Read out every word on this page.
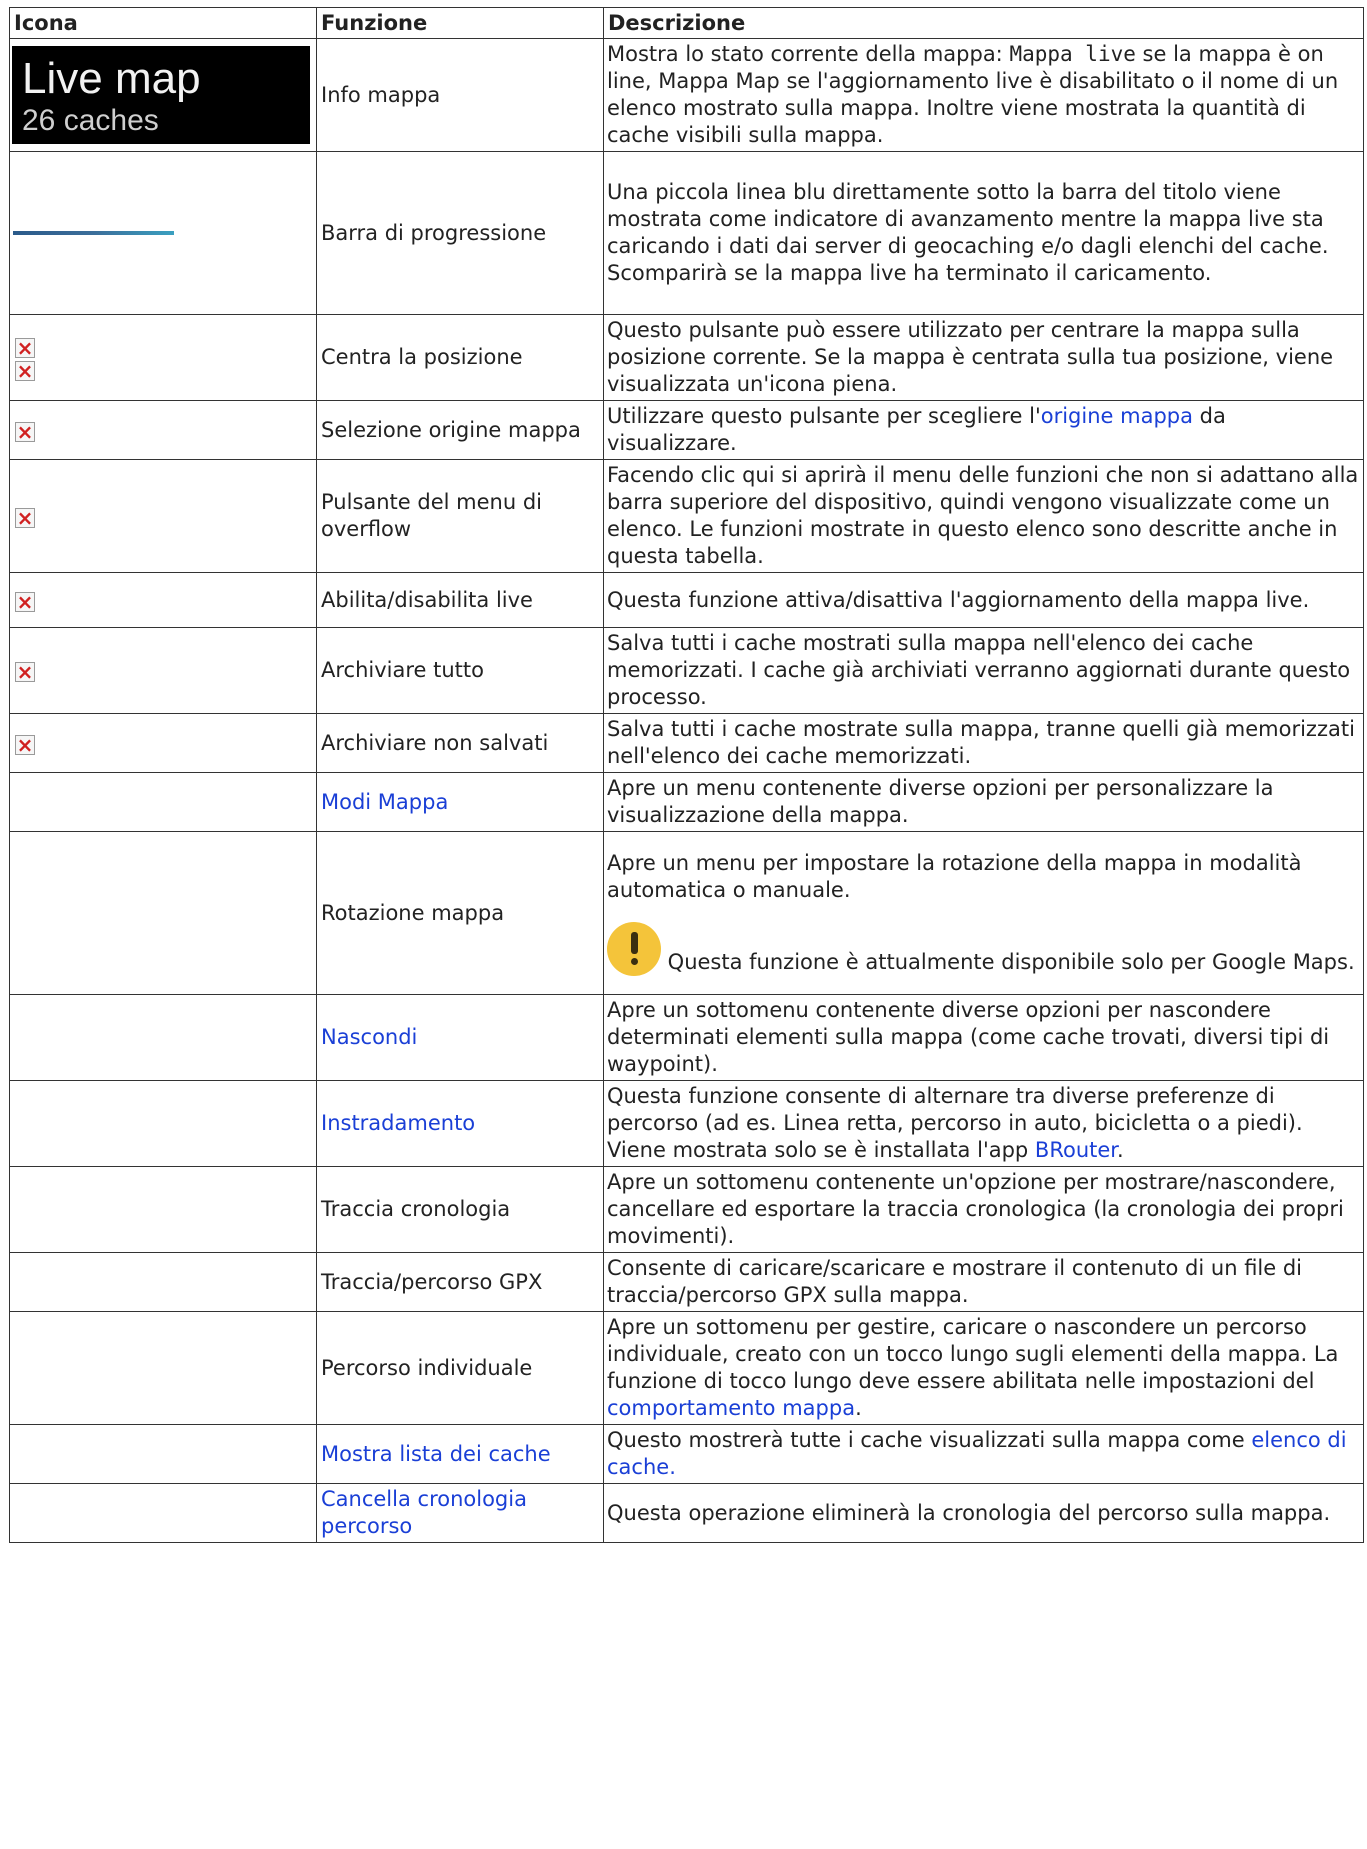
Icona	Funzione	Descrizione

Live map
26 caches	Info mappa	Mostra lo stato corrente della mappa: Mappa live se la mappa è on line, Mappa Map se l'aggiornamento live è disabilitato o il nome di un elenco mostrato sulla mappa. Inoltre viene mostrata la quantità di cache visibili sulla mappa.

	Barra di progressione	Una piccola linea blu direttamente sotto la barra del titolo viene mostrata come indicatore di avanzamento mentre la mappa live sta caricando i dati dai server di geocaching e/o dagli elenchi del cache. Scomparirà se la mappa live ha terminato il caricamento.

×
×
	Centra la posizione	Questo pulsante può essere utilizzato per centrare la mappa sulla posizione corrente. Se la mappa è centrata sulla tua posizione, viene visualizzata un'icona piena.

×
	Selezione origine mappa	Utilizzare questo pulsante per scegliere l'origine mappa da visualizzare.

×
	Pulsante del menu di overflow	Facendo clic qui si aprirà il menu delle funzioni che non si adattano alla barra superiore del dispositivo, quindi vengono visualizzate come un elenco. Le funzioni mostrate in questo elenco sono descritte anche in questa tabella.

×
	Abilita/disabilita live	Questa funzione attiva/disattiva l'aggiornamento della mappa live.

×
	Archiviare tutto	Salva tutti i cache mostrati sulla mappa nell'elenco dei cache memorizzati. I cache già archiviati verranno aggiornati durante questo processo.

×
	Archiviare non salvati	Salva tutti i cache mostrate sulla mappa, tranne quelli già memorizzati nell'elenco dei cache memorizzati.
	Modi Mappa	Apre un menu contenente diverse opzioni per personalizzare la visualizzazione della mappa.
	Rotazione mappa	Apre un menu per impostare la rotazione della mappa in modalità automatica o manuale.

Questa funzione è attualmente disponibile solo per Google Maps.

	Nascondi	Apre un sottomenu contenente diverse opzioni per nascondere determinati elementi sulla mappa (come cache trovati, diversi tipi di waypoint).
	Instradamento	Questa funzione consente di alternare tra diverse preferenze di percorso (ad es. Linea retta, percorso in auto, bicicletta o a piedi). Viene mostrata solo se è installata l'app BRouter.
	Traccia cronologia	Apre un sottomenu contenente un'opzione per mostrare/nascondere, cancellare ed esportare la traccia cronologica (la cronologia dei propri movimenti).
	Traccia/percorso GPX	Consente di caricare/scaricare e mostrare il contenuto di un file di traccia/percorso GPX sulla mappa.
	Percorso individuale	Apre un sottomenu per gestire, caricare o nascondere un percorso individuale, creato con un tocco lungo sugli elementi della mappa. La funzione di tocco lungo deve essere abilitata nelle impostazioni del comportamento mappa.
	Mostra lista dei cache	Questo mostrerà tutte i cache visualizzati sulla mappa come elenco di cache.
	Cancella cronologia percorso	Questa operazione eliminerà la cronologia del percorso sulla mappa.
